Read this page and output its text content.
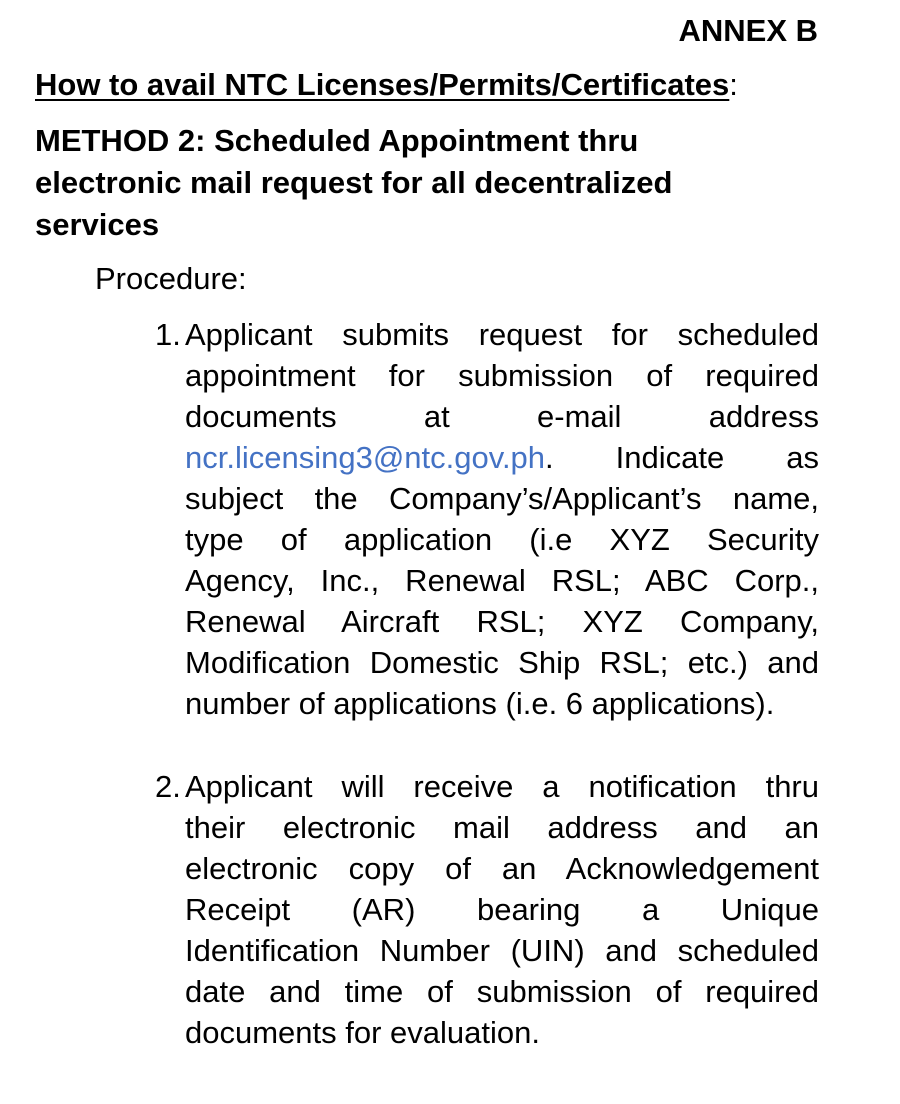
ANNEX B
How to avail NTC Licenses/Permits/Certificates:
METHOD 2: Scheduled Appointment thru
electronic mail request for all decentralized
services
Procedure:
1. Applicant submits request for scheduled
appointment for submission of required
documents at e-mail address
ncr.licensing3@ntc.gov.ph. Indicate as
subject the Company’s/Applicant’s name,
type of application (i.e XYZ Security
Agency, Inc., Renewal RSL; ABC Corp.,
Renewal Aircraft RSL; XYZ Company,
Modification Domestic Ship RSL; etc.) and
number of applications (i.e. 6 applications).
2. Applicant will receive a notification thru
their electronic mail address and an
electronic copy of an Acknowledgement
Receipt (AR) bearing a Unique
Identification Number (UIN) and scheduled
date and time of submission of required
documents for evaluation.
